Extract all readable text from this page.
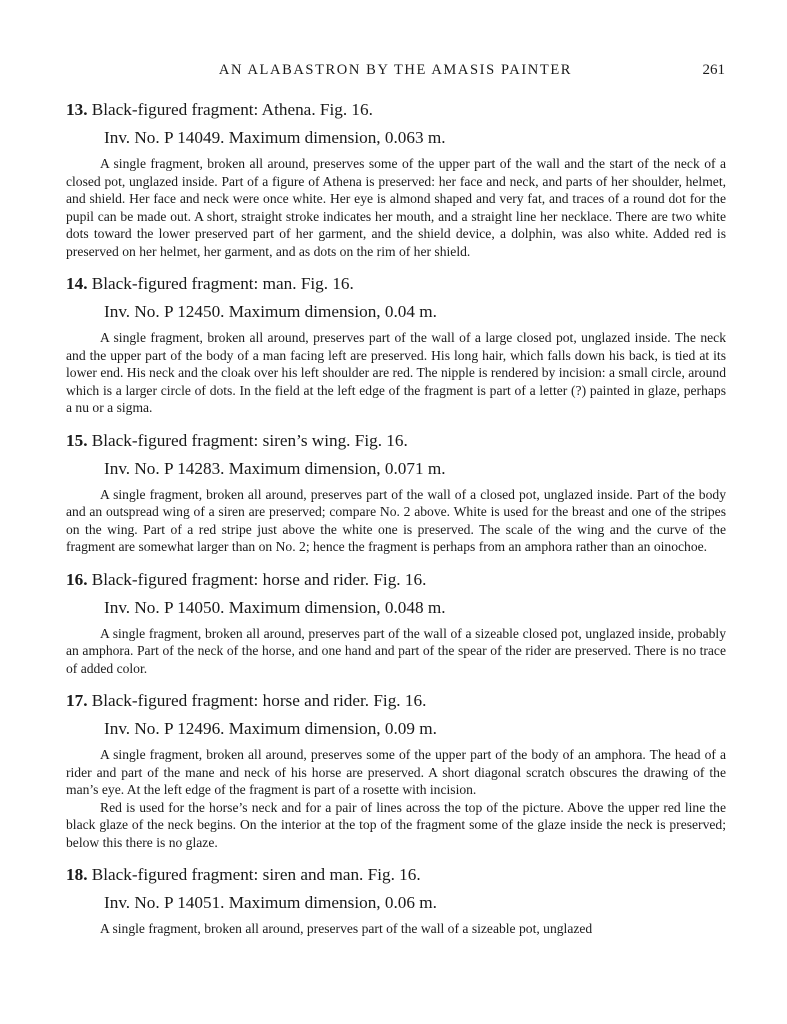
AN ALABASTRON BY THE AMASIS PAINTER	261
13. Black-figured fragment: Athena. Fig. 16.
Inv. No. P 14049. Maximum dimension, 0.063 m.

A single fragment, broken all around, preserves some of the upper part of the wall and the start of the neck of a closed pot, unglazed inside. Part of a figure of Athena is preserved: her face and neck, and parts of her shoulder, helmet, and shield. Her face and neck were once white. Her eye is almond shaped and very fat, and traces of a round dot for the pupil can be made out. A short, straight stroke indicates her mouth, and a straight line her necklace. There are two white dots toward the lower preserved part of her garment, and the shield device, a dolphin, was also white. Added red is preserved on her helmet, her garment, and as dots on the rim of her shield.

14. Black-figured fragment: man. Fig. 16.
Inv. No. P 12450. Maximum dimension, 0.04 m.

A single fragment, broken all around, preserves part of the wall of a large closed pot, unglazed inside. The neck and the upper part of the body of a man facing left are preserved. His long hair, which falls down his back, is tied at its lower end. His neck and the cloak over his left shoulder are red. The nipple is rendered by incision: a small circle, around which is a larger circle of dots. In the field at the left edge of the fragment is part of a letter (?) painted in glaze, perhaps a nu or a sigma.

15. Black-figured fragment: siren’s wing. Fig. 16.
Inv. No. P 14283. Maximum dimension, 0.071 m.

A single fragment, broken all around, preserves part of the wall of a closed pot, unglazed inside. Part of the body and an outspread wing of a siren are preserved; compare No. 2 above. White is used for the breast and one of the stripes on the wing. Part of a red stripe just above the white one is preserved. The scale of the wing and the curve of the fragment are somewhat larger than on No. 2; hence the fragment is perhaps from an amphora rather than an oinochoe.

16. Black-figured fragment: horse and rider. Fig. 16.
Inv. No. P 14050. Maximum dimension, 0.048 m.

A single fragment, broken all around, preserves part of the wall of a sizeable closed pot, unglazed inside, probably an amphora. Part of the neck of the horse, and one hand and part of the spear of the rider are preserved. There is no trace of added color.

17. Black-figured fragment: horse and rider. Fig. 16.
Inv. No. P 12496. Maximum dimension, 0.09 m.

A single fragment, broken all around, preserves some of the upper part of the body of an amphora. The head of a rider and part of the mane and neck of his horse are preserved. A short diagonal scratch obscures the drawing of the man’s eye. At the left edge of the fragment is part of a rosette with incision.

Red is used for the horse’s neck and for a pair of lines across the top of the picture. Above the upper red line the black glaze of the neck begins. On the interior at the top of the fragment some of the glaze inside the neck is preserved; below this there is no glaze.

18. Black-figured fragment: siren and man. Fig. 16.
Inv. No. P 14051. Maximum dimension, 0.06 m.

A single fragment, broken all around, preserves part of the wall of a sizeable pot, unglazed
